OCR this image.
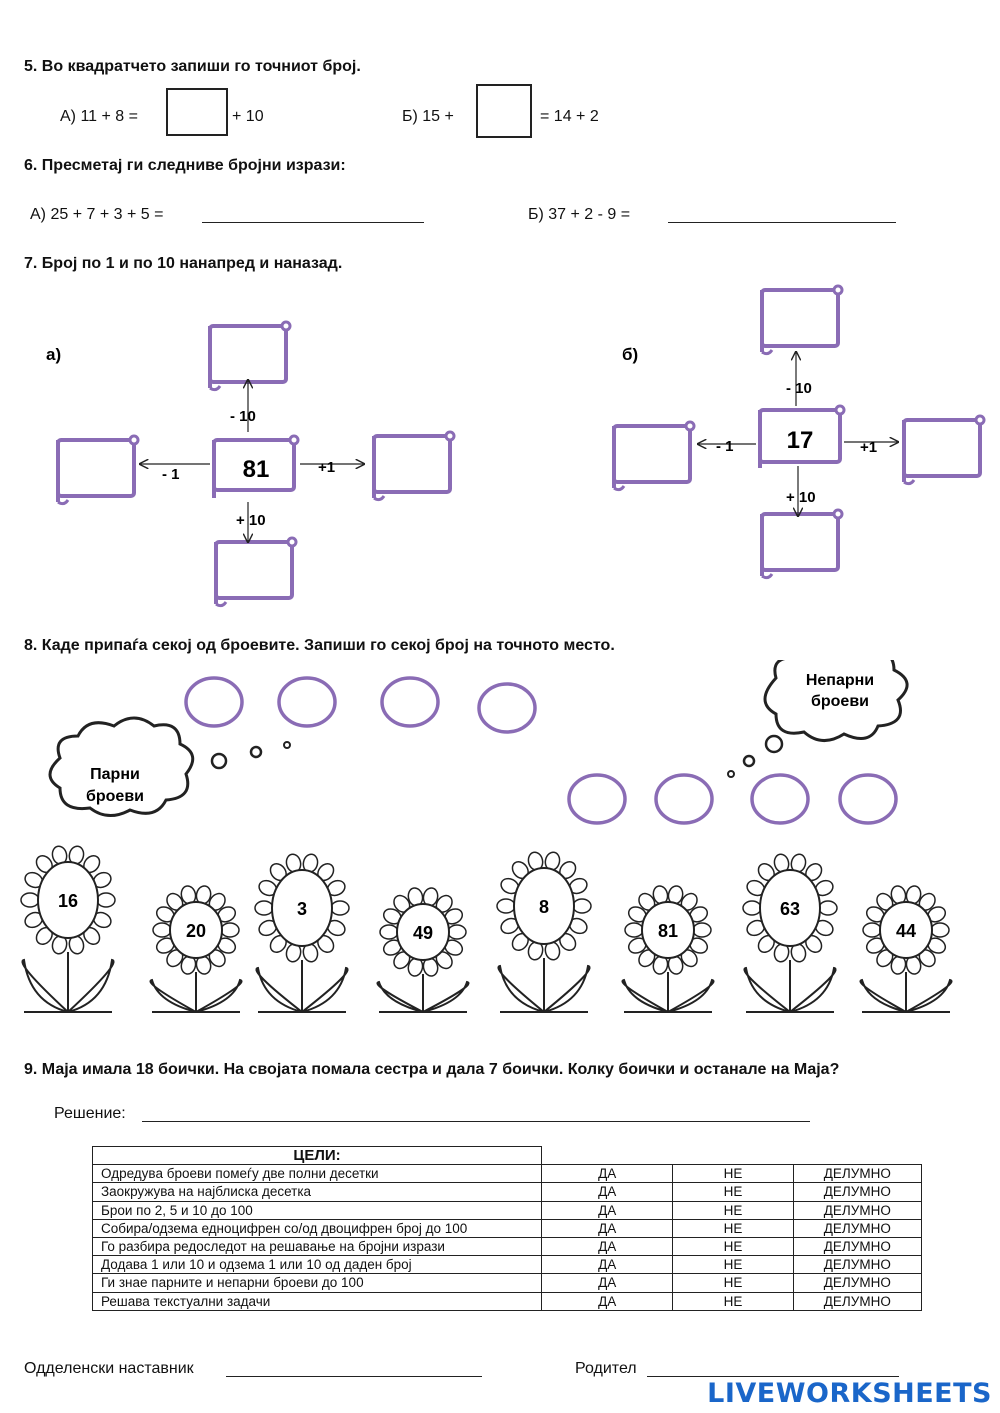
5. Во квадратчето запиши го точниот број.
А) 11 + 8 =	+ 10	Б) 15 +	= 14 + 2
6. Пресметај ги следниве бројни изрази:
А) 25 + 7 + 3 + 5 =	Б) 37 + 2 - 9 =
7. Број по 1 и по 10 нанапред и наназад.
а)
81
- 10
- 1	+1
+ 10
б)
17
- 10
- 1	+1
+ 10
8. Каде припаѓа секој од броевите. Запиши го секој број на точното место.
Парни
броеви
Непарни
броеви
16
20
3
49
8
81
63
44
9. Маја имала 18 боички. На својата помала сестра и дала 7 боички. Колку боички и останале на Маја?
Решение:
ЦЕЛИ:			
Одредува броеви помеѓу две полни десетки	ДА	НЕ	ДЕЛУМНО
Заокружува на најблиска десетка	ДА	НЕ	ДЕЛУМНО
Брои по 2, 5 и 10 до 100	ДА	НЕ	ДЕЛУМНО
Собира/одзема едноцифрен со/од двоцифрен број до 100	ДА	НЕ	ДЕЛУМНО
Го разбира редоследот на решавање на бројни изрази	ДА	НЕ	ДЕЛУМНО
Додава 1 или 10 и одзема 1 или 10 од даден број	ДА	НЕ	ДЕЛУМНО
Ги знае парните и непарни броеви до 100	ДА	НЕ	ДЕЛУМНО
Решава текстуални задачи	ДА	НЕ	ДЕЛУМНО
Одделенски наставник	Родител
LIVEWORKSHEETS
